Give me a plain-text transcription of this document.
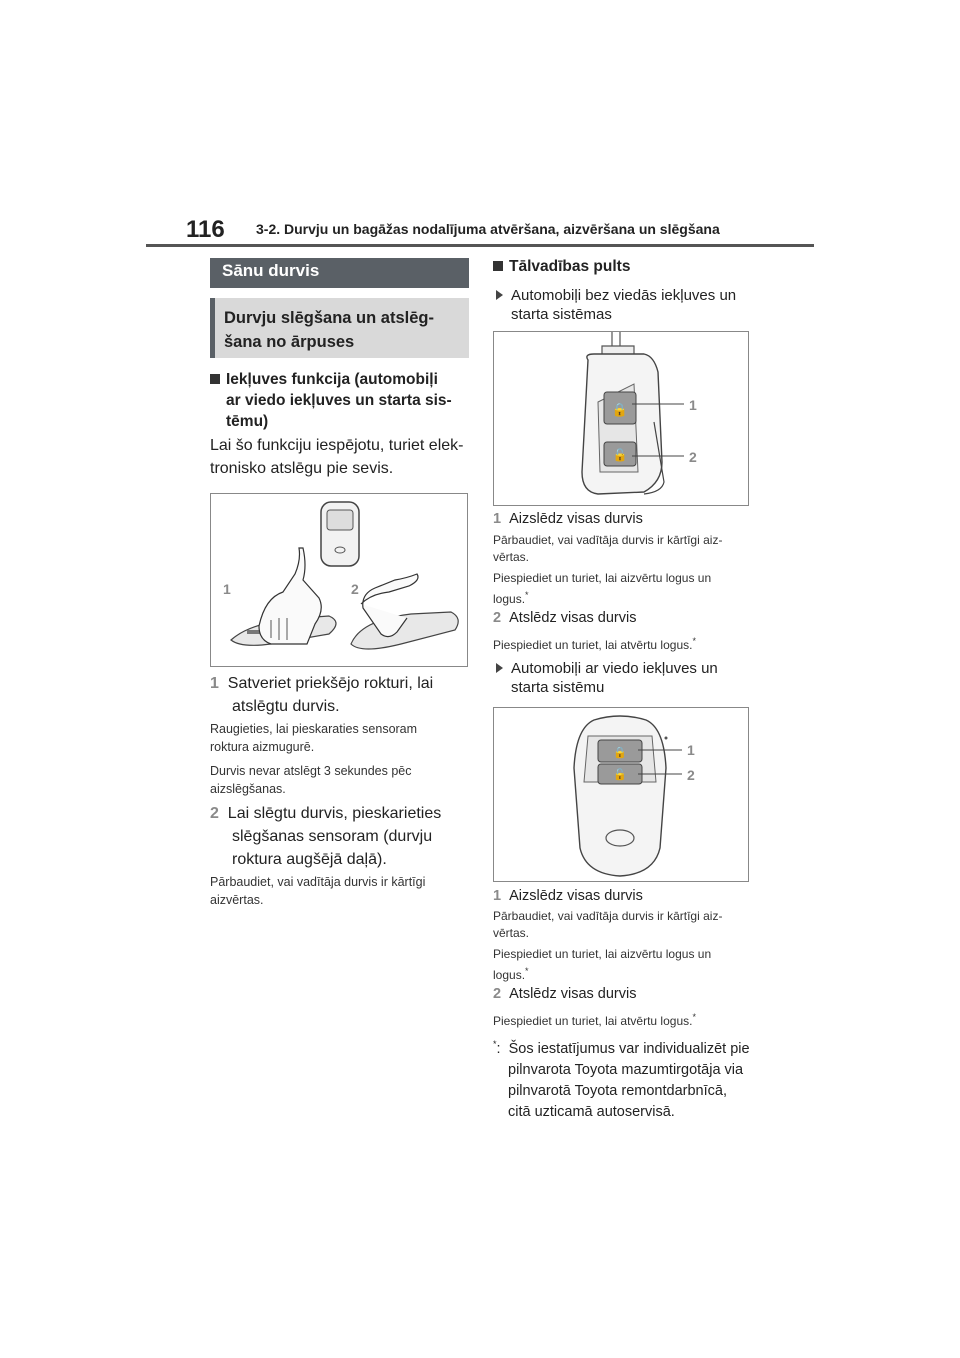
116 3-2. Durvju un bagāžas nodalījuma atvēršana, aizvēršana un slēgšana
Sānu durvis
Durvju slēgšana un atslēg-
šana no ārpuses
Iekļuves funkcija (automobiļi
ar viedo iekļuves un starta sis-
tēmu)
Lai šo funkciju iespējotu, turiet elek-
tronisko atslēgu pie sevis.
1	2
1 Satveriet priekšējo rokturi, lai
atslēgtu durvis.
Raugieties, lai pieskaraties sensoram
roktura aizmugurē.
Durvis nevar atslēgt 3 sekundes pēc
aizslēgšanas.
2 Lai slēgtu durvis, pieskarieties
slēgšanas sensoram (durvju
roktura augšējā daļā).
Pārbaudiet, vai vadītāja durvis ir kārtīgi
aizvērtas.
Tālvadības pults
Automobiļi bez viedās iekļuves un
starta sistēmas
🔒
🔓
1
2
1 Aizslēdz visas durvis
Pārbaudiet, vai vadītāja durvis ir kārtīgi aiz-
vērtas.
Piespiediet un turiet, lai aizvērtu logus un
logus.*
2 Atslēdz visas durvis
Piespiediet un turiet, lai atvērtu logus.*
Automobiļi ar viedo iekļuves un
starta sistēmu
🔒
🔓
1
2
1 Aizslēdz visas durvis
Pārbaudiet, vai vadītāja durvis ir kārtīgi aiz-
vērtas.
Piespiediet un turiet, lai aizvērtu logus un
logus.*
2 Atslēdz visas durvis
Piespiediet un turiet, lai atvērtu logus.*
*: Šos iestatījumus var individualizēt pie
pilnvarota Toyota mazumtirgotāja via
pilnvarotā Toyota remontdarbnīcā,
citā uzticamā autoservisā.
